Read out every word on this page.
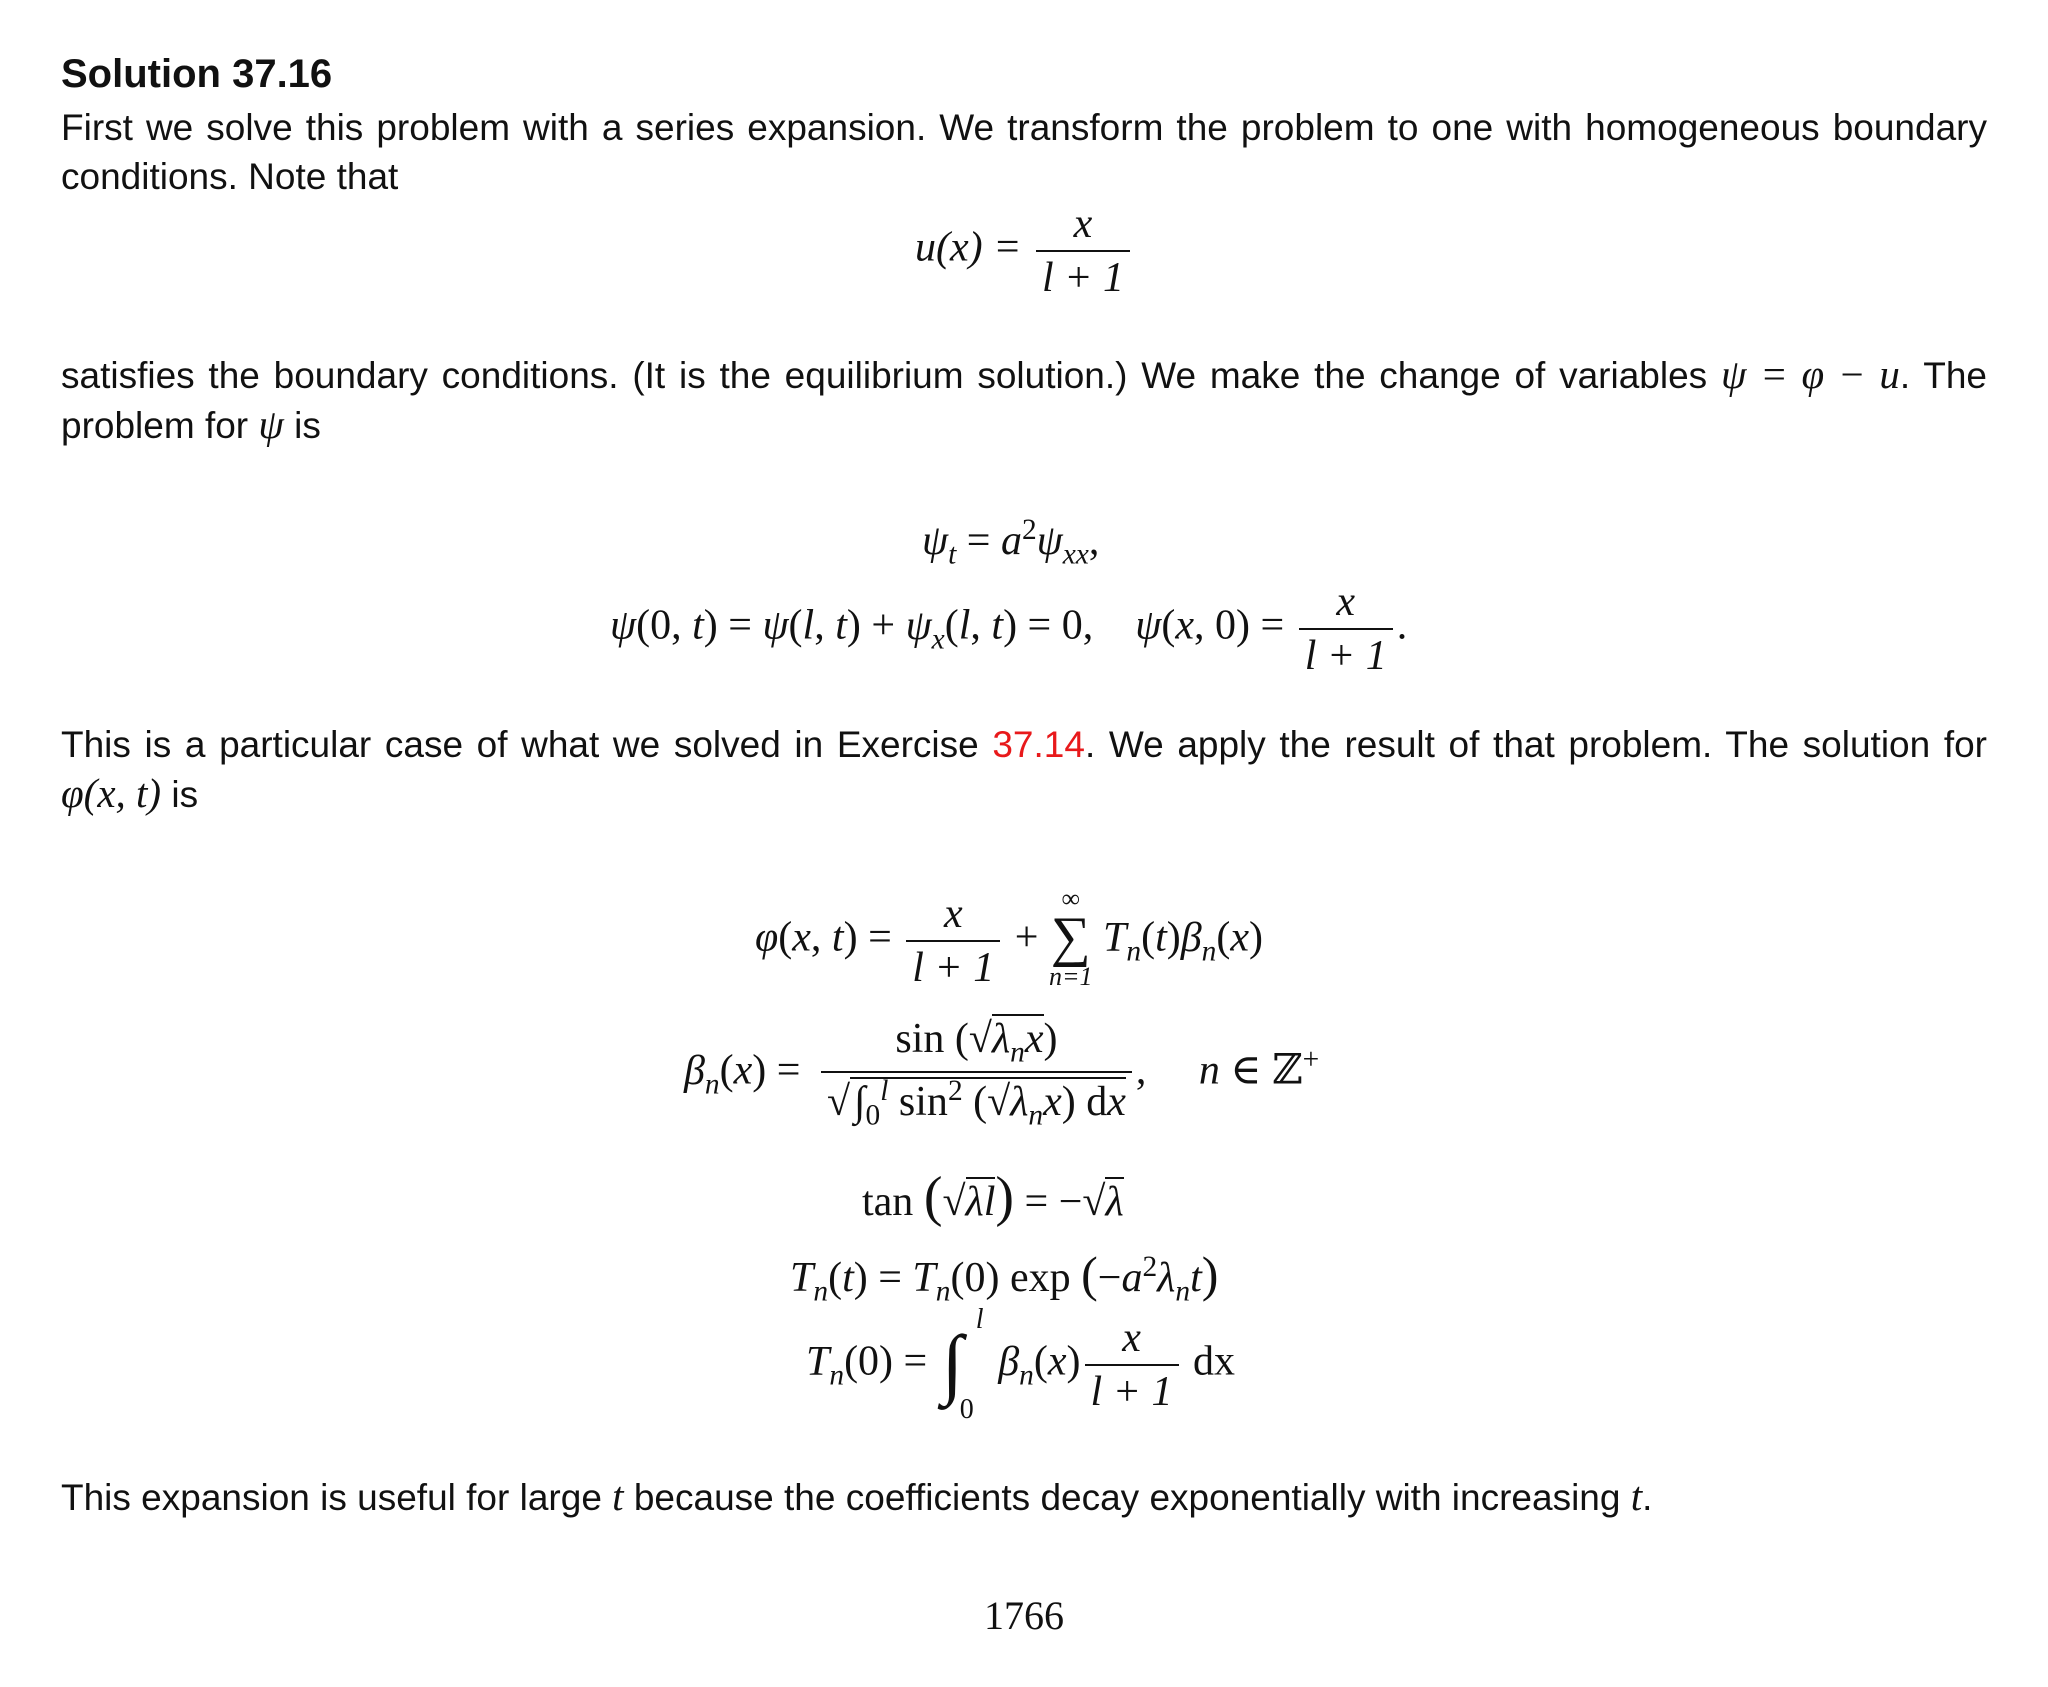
Solution 37.16
First we solve this problem with a series expansion. We transform the problem to one with homogeneous boundary
conditions. Note that
$u(x) = \frac{x}{l + 1}$
satisfies the boundary conditions. (It is the equilibrium solution.) We make the change of variables ψ = φ − u. The
problem for ψ is
$\psi_t = a^2\psi_{xx}$,
ψ(0, t) = ψ(l, $t) + \psi_x(l$, t) = 0,    ψ(x, $0) = \frac{x}{l + 1}$ .
This is a particular case of what we solved in Exercise 37.14. We apply the result of that problem. The solution for
φ(x, t) is
φ(x, $t) = \frac{x}{l + 1}$ +
∞
∑
n=1
$T_n(t)\beta_n(x)$
$\beta_n(x) = \frac{\sin (√\lambda_nx)}{√\int_0^l \sin^2 (√\lambda_nx) dx}$ ,     n ∈ ℤ+
tan (√λl) = −√λ
$T_n(t) = T_n(0)$ $\exp (-a^2\lambda_nt)$
$T_n(0)$ = ∫ l
0
$\beta_n(x) \frac{x}{l + 1}$ dx
This expansion is useful for large t because the coefficients decay exponentially with increasing t.
1766
